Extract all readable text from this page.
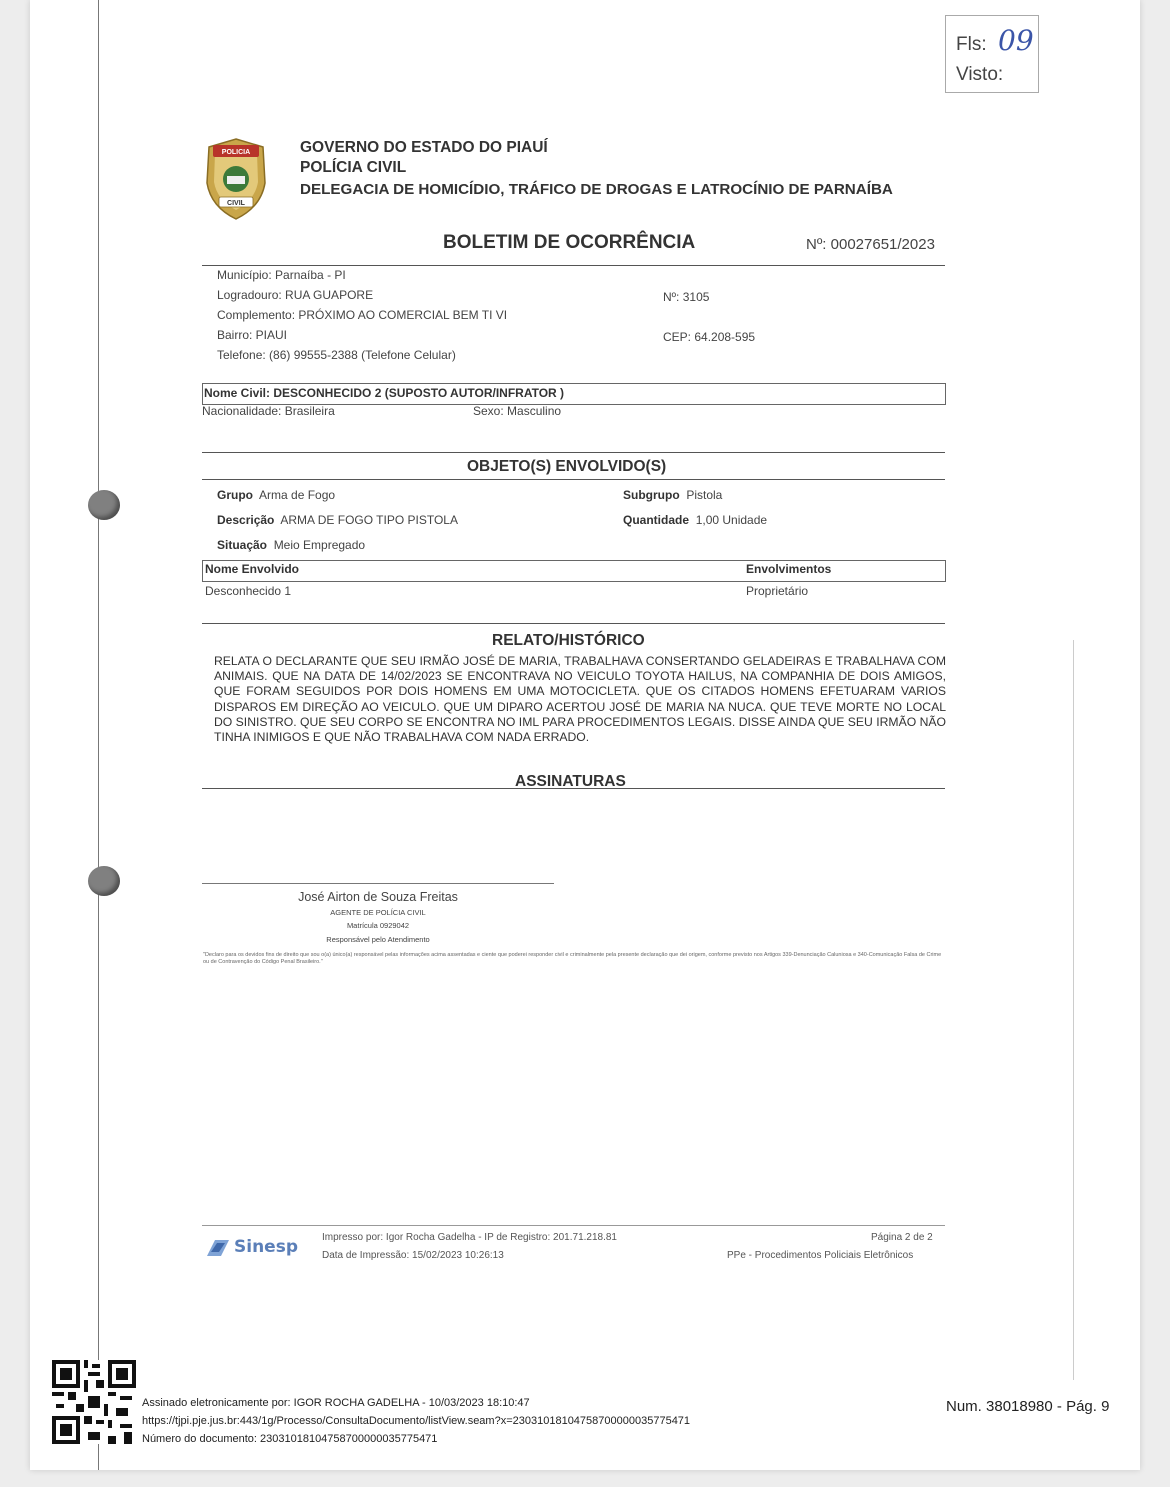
Fls: 09
Visto:
POLICIA
CIVIL
GOVERNO DO ESTADO DO PIAUÍ
POLÍCIA CIVIL
DELEGACIA DE HOMICÍDIO, TRÁFICO DE DROGAS E LATROCÍNIO DE PARNAÍBA
BOLETIM DE OCORRÊNCIA	Nº: 00027651/2023
Município: Parnaíba - PI
Logradouro: RUA GUAPORE	Nº: 3105
Complemento: PRÓXIMO AO COMERCIAL BEM TI VI
Bairro: PIAUI	CEP: 64.208-595
Telefone: (86) 99555-2388 (Telefone Celular)
Nome Civil: DESCONHECIDO 2 (SUPOSTO AUTOR/INFRATOR )
Nacionalidade: Brasileira	Sexo: Masculino
OBJETO(S) ENVOLVIDO(S)
Grupo Arma de Fogo	Subgrupo Pistola
Descrição ARMA DE FOGO TIPO PISTOLA	Quantidade 1,00 Unidade
Situação Meio Empregado
Nome Envolvido	Envolvimentos
Desconhecido 1	Proprietário
RELATO/HISTÓRICO
RELATA O DECLARANTE QUE SEU IRMÃO JOSÉ DE MARIA, TRABALHAVA CONSERTANDO GELADEIRAS E TRABALHAVA COM ANIMAIS. QUE NA DATA DE 14/02/2023 SE ENCONTRAVA NO VEICULO TOYOTA HAILUS, NA COMPANHIA DE DOIS AMIGOS, QUE FORAM SEGUIDOS POR DOIS HOMENS EM UMA MOTOCICLETA. QUE OS CITADOS HOMENS EFETUARAM VARIOS DISPAROS EM DIREÇÃO AO VEICULO. QUE UM DIPARO ACERTOU JOSÉ DE MARIA NA NUCA. QUE TEVE MORTE NO LOCAL DO SINISTRO. QUE SEU CORPO SE ENCONTRA NO IML PARA PROCEDIMENTOS LEGAIS. DISSE AINDA QUE SEU IRMÃO NÃO TINHA INIMIGOS E QUE NÃO TRABALHAVA COM NADA ERRADO.
ASSINATURAS
José Airton de Souza Freitas
AGENTE DE POLÍCIA CIVIL
Matrícula 0929042
Responsável pelo Atendimento
"Declaro para os devidos fins de direito que sou o(a) único(a) responsável pelas informações acima assentadas e ciente que poderei responder civil e criminalmente pela presente declaração que dei origem, conforme previsto nos Artigos 339-Denunciação Caluniosa e 340-Comunicação Falsa de Crime ou de Contravenção do Código Penal Brasileiro."
Sinesp Impresso por: Igor Rocha Gadelha - IP de Registro: 201.71.218.81
Data de Impressão: 15/02/2023 10:26:13
Página 2 de 2
PPe - Procedimentos Policiais Eletrônicos
Assinado eletronicamente por: IGOR ROCHA GADELHA - 10/03/2023 18:10:47
https://tjpi.pje.jus.br:443/1g/Processo/ConsultaDocumento/listView.seam?x=23031018104758700000035775471
Número do documento: 23031018104758700000035775471
Num. 38018980 - Pág. 9
